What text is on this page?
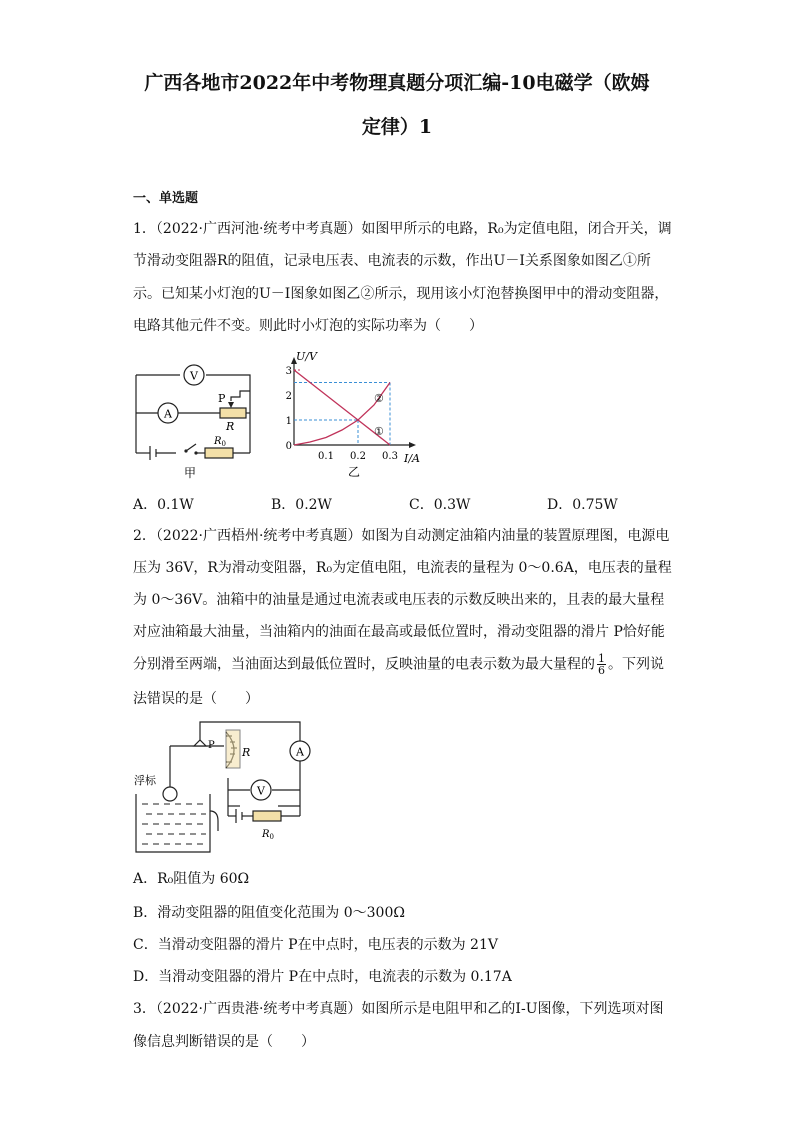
广西各地市2022年中考物理真题分项汇编-10电磁学（欧姆
定律）1
一、单选题
1．（2022·广西河池·统考中考真题）如图甲所示的电路，R₀为定值电阻，闭合开关，调
节滑动变阻器R的阻值，记录电压表、电流表的示数，作出U－I关系图象如图乙①所
示。已知某小灯泡的U－I图象如图乙②所示，现用该小灯泡替换图甲中的滑动变阻器，
电路其他元件不变。则此时小灯泡的实际功率为（　　）
V
A
P
R
$R_0$
甲
U/V
I/A
0
1
2
3
0.1 0.2 0.3
①
②
乙
A．0.1W	B．0.2W	C．0.3W	D．0.75W
2．（2022·广西梧州·统考中考真题）如图为自动测定油箱内油量的装置原理图，电源电
压为 36V，R为滑动变阻器，R₀为定值电阻，电流表的量程为 0～0.6A，电压表的量程
为 0～36V。油箱中的油量是通过电流表或电压表的示数反映出来的，且表的最大量程
对应油箱最大油量，当油箱内的油面在最高或最低位置时，滑动变阻器的滑片 P恰好能
分别滑至两端，当油面达到最低位置时，反映油量的电表示数为最大量程的 $\frac{1}{6}$ 。下列说
法错误的是（　　）
浮标
P
R	A
V
$R_0$
A．R₀阻值为 60Ω
B．滑动变阻器的阻值变化范围为 0～300Ω
C．当滑动变阻器的滑片 P在中点时，电压表的示数为 21V
D．当滑动变阻器的滑片 P在中点时，电流表的示数为 0.17A
3．（2022·广西贵港·统考中考真题）如图所示是电阻甲和乙的I-U图像，下列选项对图
像信息判断错误的是（　　）
